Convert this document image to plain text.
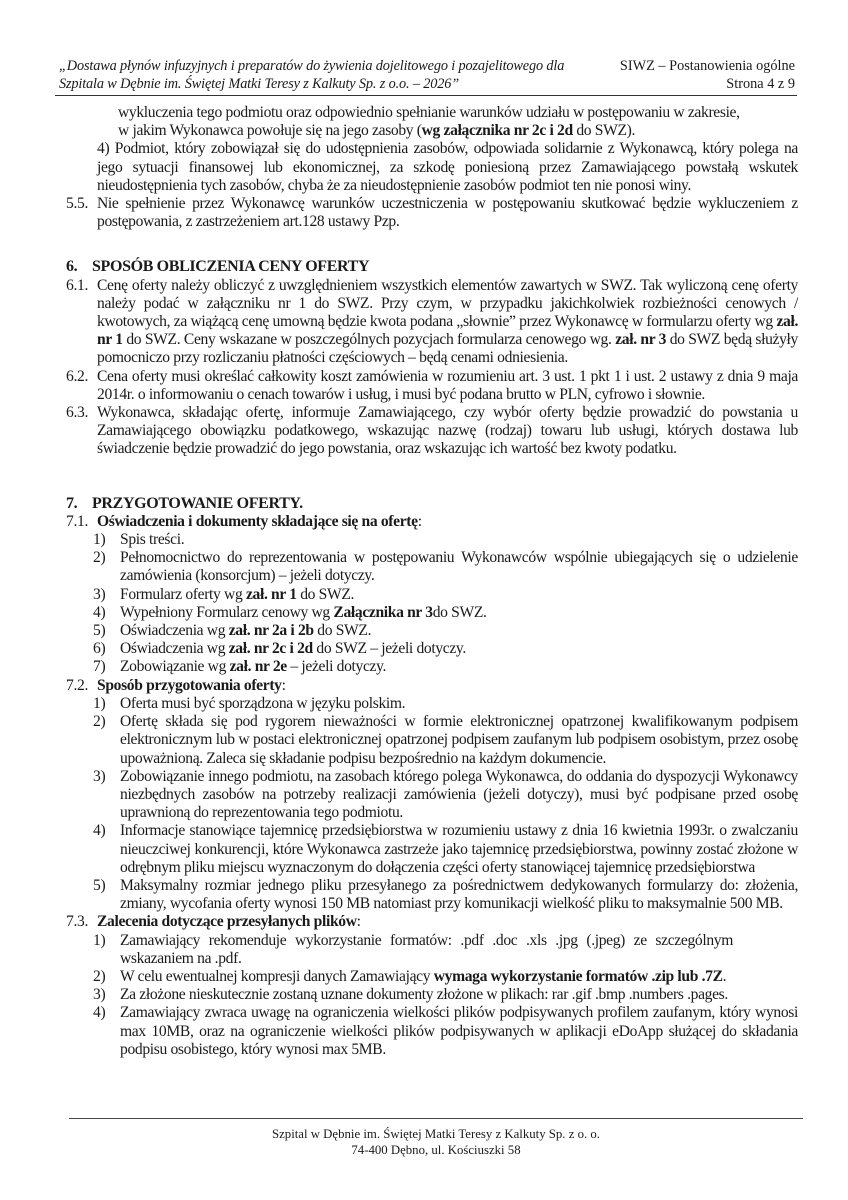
„Dostawa płynów infuzyjnych i preparatów do żywienia dojelitowego i pozajelitowego dla
Szpitala w Dębnie im. Świętej Matki Teresy z Kalkuty Sp. z o.o. – 2026”
SIWZ – Postanowienia ogólne
Strona 4 z 9
wykluczenia tego podmiotu oraz odpowiednio spełnianie warunków udziału w postępowaniu w zakresie,
w jakim Wykonawca powołuje się na jego zasoby (wg załącznika nr 2c i 2d do SWZ).
4) Podmiot, który zobowiązał się do udostępnienia zasobów, odpowiada solidarnie z Wykonawcą, który polega na jego sytuacji finansowej lub ekonomicznej, za szkodę poniesioną przez Zamawiającego powstałą wskutek nieudostępnienia tych zasobów, chyba że za nieudostępnienie zasobów podmiot ten nie ponosi winy.
5.5. Nie spełnienie przez Wykonawcę warunków uczestniczenia w postępowaniu skutkować będzie wykluczeniem z postępowania, z zastrzeżeniem art.128 ustawy Pzp.
6. SPOSÓB OBLICZENIA CENY OFERTY
6.1. Cenę oferty należy obliczyć z uwzględnieniem wszystkich elementów zawartych w SWZ. Tak wyliczoną cenę oferty należy podać w załączniku nr 1 do SWZ. Przy czym, w przypadku jakichkolwiek rozbieżności cenowych / kwotowych, za wiążącą cenę umowną będzie kwota podana „słownie” przez Wykonawcę w formularzu oferty wg zał. nr 1 do SWZ. Ceny wskazane w poszczególnych pozycjach formularza cenowego wg. zał. nr 3 do SWZ będą służyły pomocniczo przy rozliczaniu płatności częściowych – będą cenami odniesienia.
6.2. Cena oferty musi określać całkowity koszt zamówienia w rozumieniu art. 3 ust. 1 pkt 1 i ust. 2 ustawy z dnia 9 maja 2014r. o informowaniu o cenach towarów i usług, i musi być podana brutto w PLN, cyfrowo i słownie.
6.3. Wykonawca, składając ofertę, informuje Zamawiającego, czy wybór oferty będzie prowadzić do powstania u Zamawiającego obowiązku podatkowego, wskazując nazwę (rodzaj) towaru lub usługi, których dostawa lub świadczenie będzie prowadzić do jego powstania, oraz wskazując ich wartość bez kwoty podatku.
7. PRZYGOTOWANIE OFERTY.
7.1. Oświadczenia i dokumenty składające się na ofertę:
1) Spis treści.
2) Pełnomocnictwo do reprezentowania w postępowaniu Wykonawców wspólnie ubiegających się o udzielenie zamówienia (konsorcjum) – jeżeli dotyczy.
3) Formularz oferty wg zał. nr 1 do SWZ.
4) Wypełniony Formularz cenowy wg Załącznika nr 3do SWZ.
5) Oświadczenia wg zał. nr 2a i 2b do SWZ.
6) Oświadczenia wg zał. nr 2c i 2d do SWZ – jeżeli dotyczy.
7) Zobowiązanie wg zał. nr 2e – jeżeli dotyczy.
7.2. Sposób przygotowania oferty:
1) Oferta musi być sporządzona w języku polskim.
2) Ofertę składa się pod rygorem nieważności w formie elektronicznej opatrzonej kwalifikowanym podpisem elektronicznym lub w postaci elektronicznej opatrzonej podpisem zaufanym lub podpisem osobistym, przez osobę upoważnioną. Zaleca się składanie podpisu bezpośrednio na każdym dokumencie.
3) Zobowiązanie innego podmiotu, na zasobach którego polega Wykonawca, do oddania do dyspozycji Wykonawcy niezbędnych zasobów na potrzeby realizacji zamówienia (jeżeli dotyczy), musi być podpisane przed osobę uprawnioną do reprezentowania tego podmiotu.
4) Informacje stanowiące tajemnicę przedsiębiorstwa w rozumieniu ustawy z dnia 16 kwietnia 1993r. o zwalczaniu nieuczciwej konkurencji, które Wykonawca zastrzeże jako tajemnicę przedsiębiorstwa, powinny zostać złożone w odrębnym pliku miejscu wyznaczonym do dołączenia części oferty stanowiącej tajemnicę przedsiębiorstwa
5) Maksymalny rozmiar jednego pliku przesyłanego za pośrednictwem dedykowanych formularzy do: złożenia, zmiany, wycofania oferty wynosi 150 MB natomiast przy komunikacji wielkość pliku to maksymalnie 500 MB.
7.3. Zalecenia dotyczące przesyłanych plików:
1) Zamawiający rekomenduje wykorzystanie formatów: .pdf .doc .xls .jpg (.jpeg) ze szczególnym wskazaniem na .pdf.
2) W celu ewentualnej kompresji danych Zamawiający wymaga wykorzystanie formatów .zip lub .7Z.
3) Za złożone nieskutecznie zostaną uznane dokumenty złożone w plikach: rar .gif .bmp .numbers .pages.
4) Zamawiający zwraca uwagę na ograniczenia wielkości plików podpisywanych profilem zaufanym, który wynosi max 10MB, oraz na ograniczenie wielkości plików podpisywanych w aplikacji eDoApp służącej do składania podpisu osobistego, który wynosi max 5MB.
Szpital w Dębnie im. Świętej Matki Teresy z Kalkuty Sp. z o. o.
74-400 Dębno, ul. Kościuszki 58
